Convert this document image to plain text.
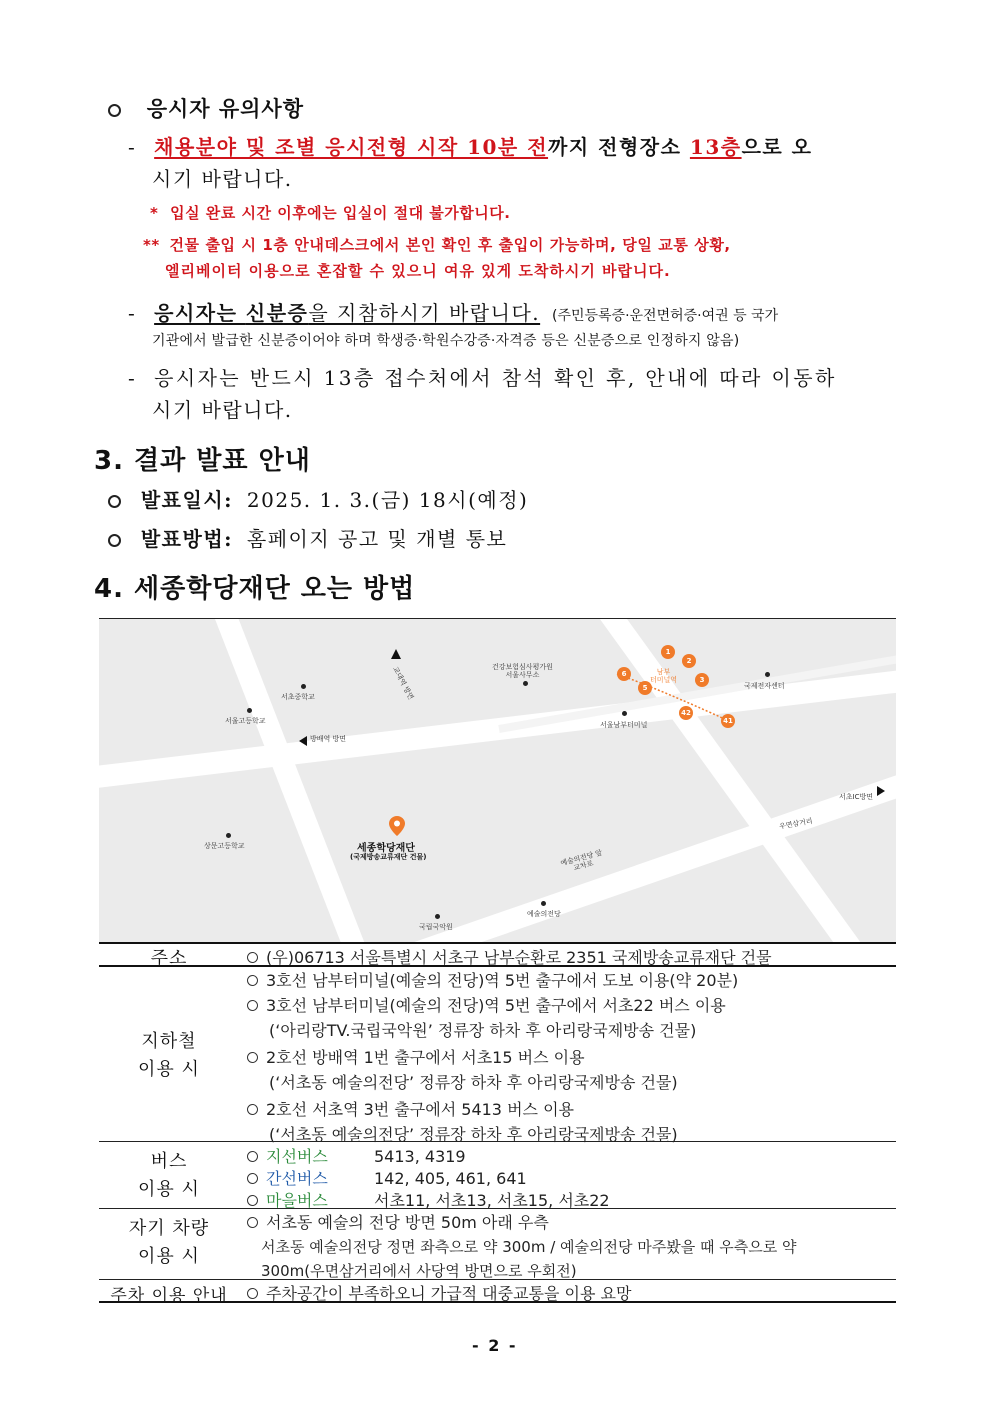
응시자 유의사항
- 채용분야 및 조별 응시전형 시작 10분 전까지 전형장소 13층으로 오
시기 바랍니다.
* 입실 완료 시간 이후에는 입실이 절대 불가합니다.
** 건물 출입 시 1층 안내데스크에서 본인 확인 후 출입이 가능하며, 당일 교통 상황,
엘리베이터 이용으로 혼잡할 수 있으니 여유 있게 도착하시기 바랍니다.
- 응시자는 신분증을 지참하시기 바랍니다. (주민등록증·운전면허증·여권 등 국가
기관에서 발급한 신분증이어야 하며 학생증·학원수강증·자격증 등은 신분증으로 인정하지 않음)
- 응시자는 반드시 13층 접수처에서 참석 확인 후, 안내에 따라 이동하
시기 바랍니다.
3. 결과 발표 안내
발표일시: 2025. 1. 3.(금) 18시(예정)
발표방법: 홈페이지 공고 및 개별 통보
4. 세종학당재단 오는 방법
서초중학교
서울고등학교
방배역 방면
교대역 방면	건강보험심사평가원
서울사무소	남부
터미널역
1
2
6
5
3
42
41
국제전자센터
서울남부터미널
서초IC방면
우면삼거리
상문고등학교	세종학당재단
(국제방송교류재단 건물)	예술의전당 앞
교차로
예술의전당
국립국악원
주소	(우)06713 서울특별시 서초구 남부순환로 2351 국제방송교류재단 건물
지하철
이용 시
3호선 남부터미널(예술의 전당)역 5번 출구에서 도보 이용(약 20분)
3호선 남부터미널(예술의 전당)역 5번 출구에서 서초22 버스 이용
(‘아리랑TV.국립국악원’ 정류장 하차 후 아리랑국제방송 건물)
2호선 방배역 1번 출구에서 서초15 버스 이용
(‘서초동 예술의전당’ 정류장 하차 후 아리랑국제방송 건물)
2호선 서초역 3번 출구에서 5413 버스 이용
(‘서초동 예술의전당’ 정류장 하차 후 아리랑국제방송 건물)
버스
이용 시
지선버스	5413, 4319
간선버스	142, 405, 461, 641
마을버스	서초11, 서초13, 서초15, 서초22
자기 차량
이용 시
서초동 예술의 전당 방면 50m 아래 우측
서초동 예술의전당 정면 좌측으로 약 300m / 예술의전당 마주봤을 때 우측으로 약
300m(우면삼거리에서 사당역 방면으로 우회전)
주차 이용 안내	주차공간이 부족하오니 가급적 대중교통을 이용 요망
- 2 -
